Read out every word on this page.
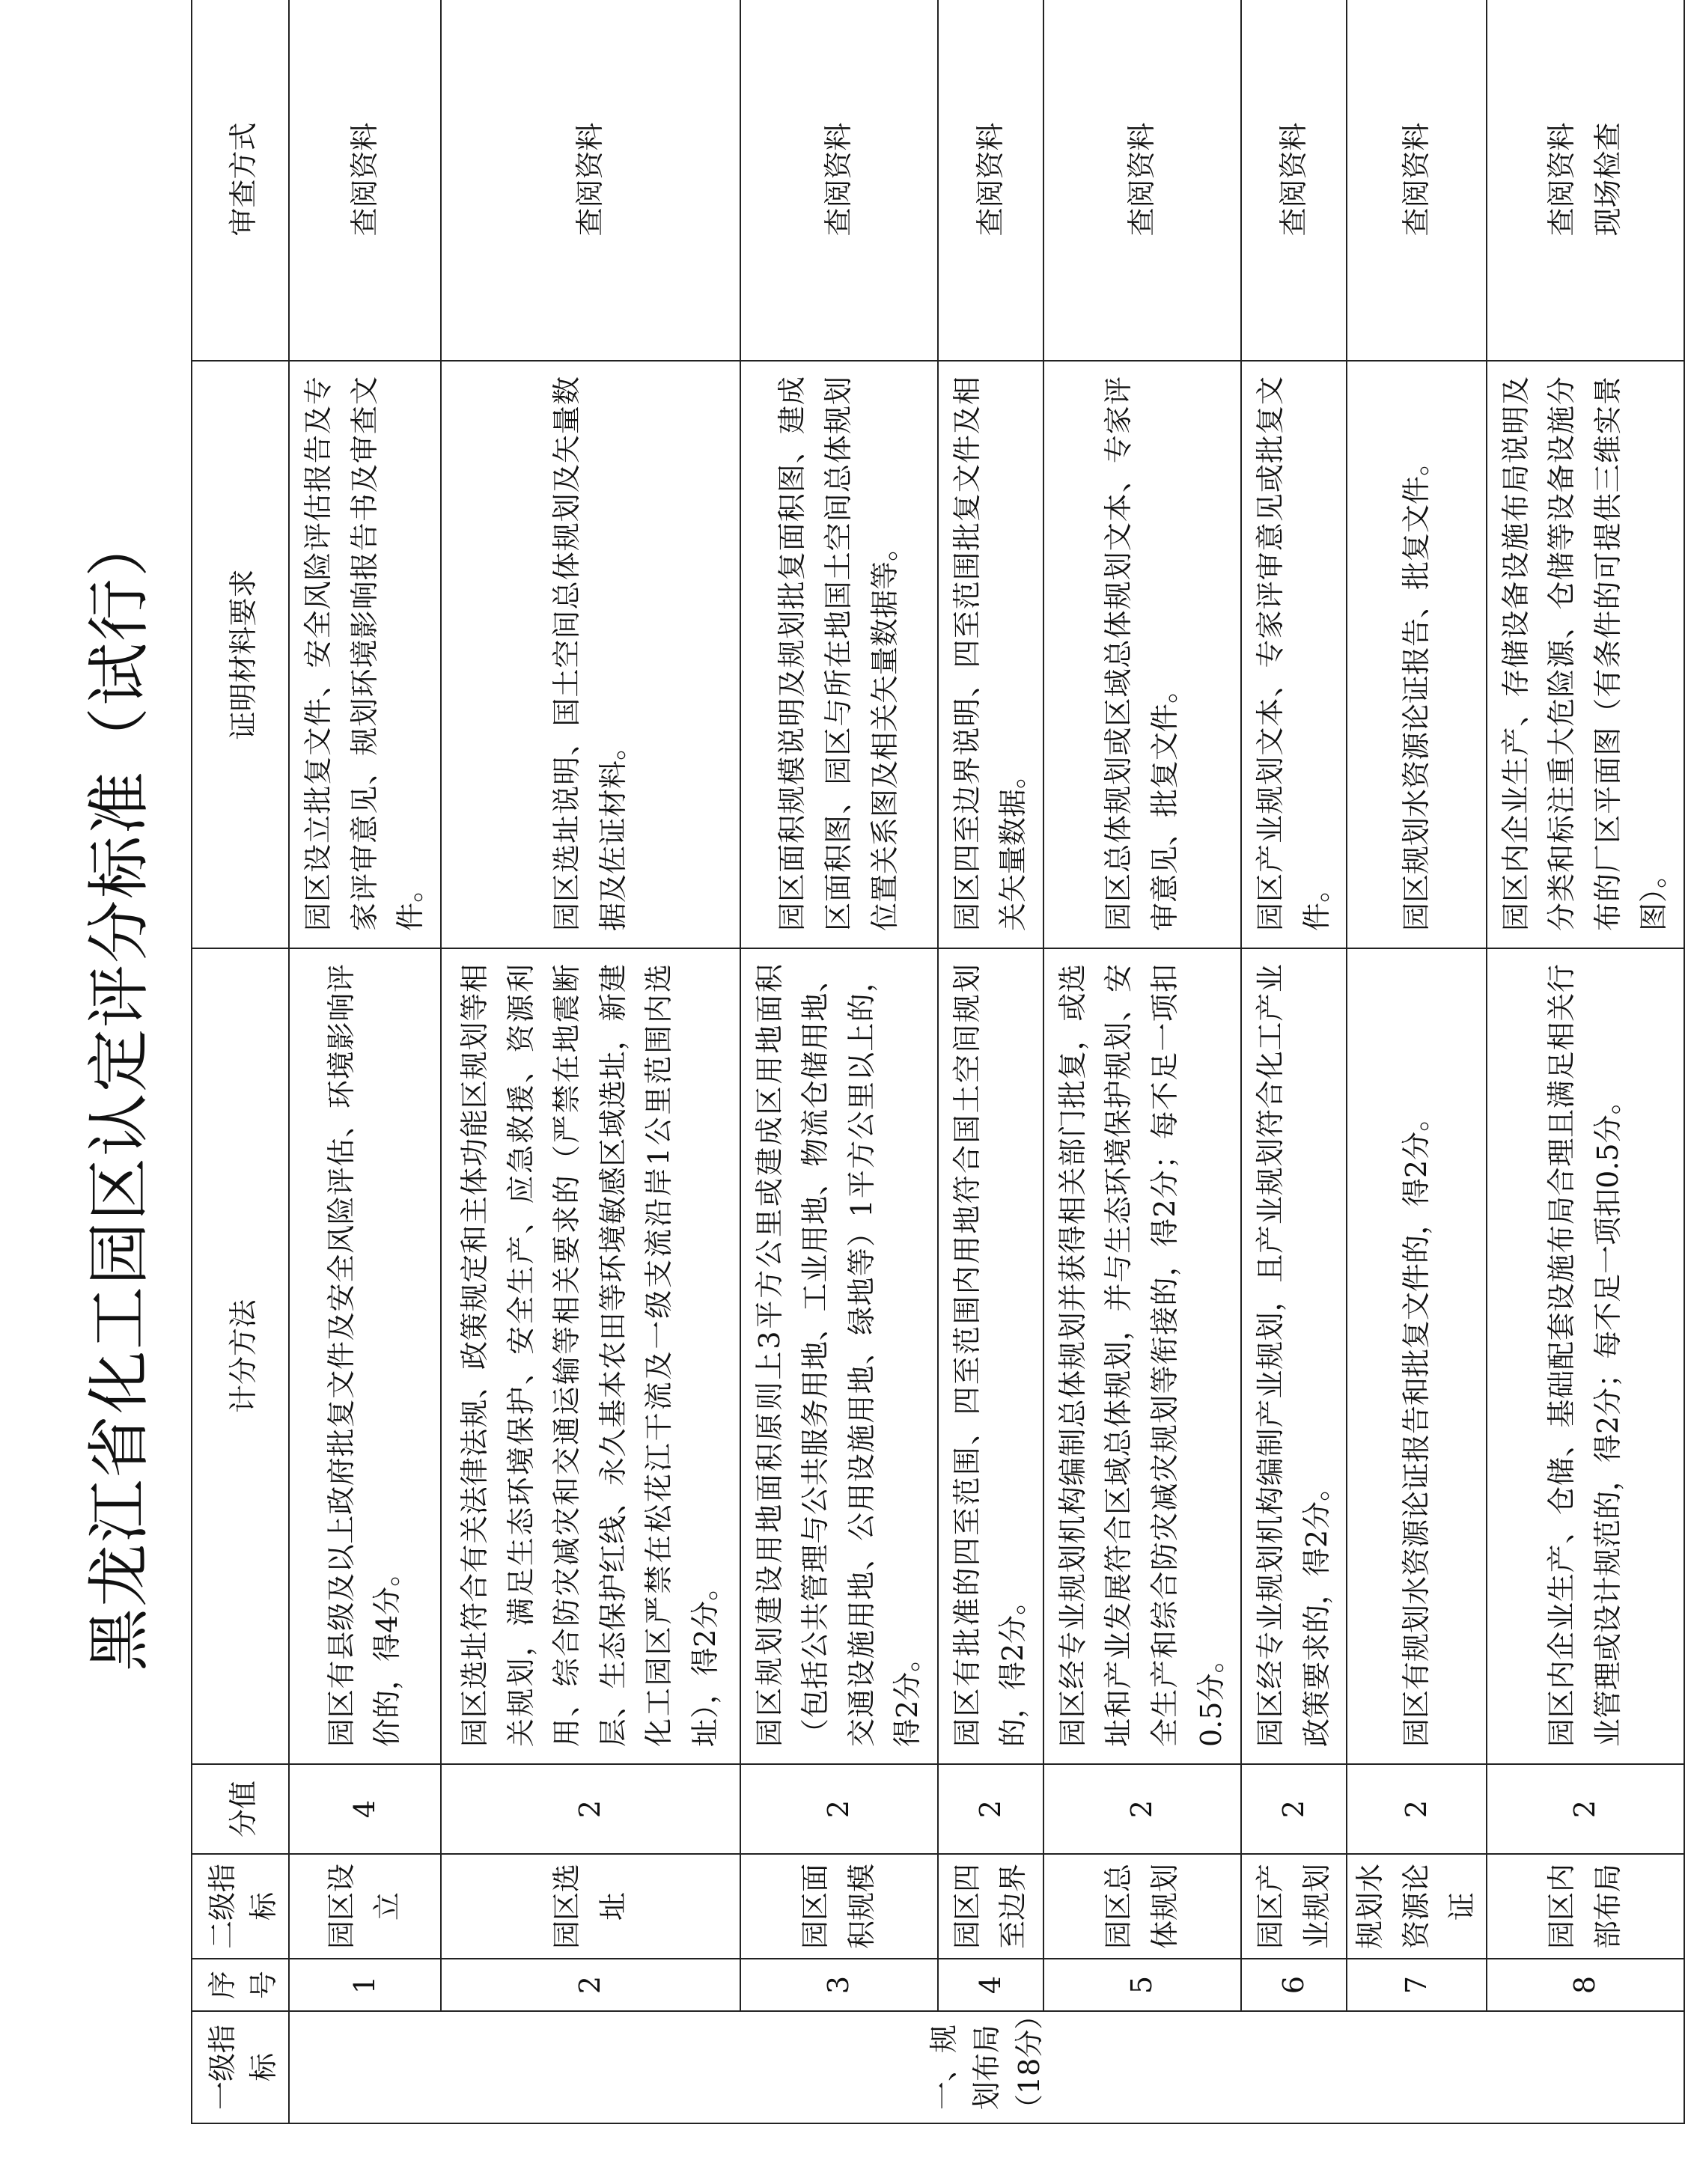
黑龙江省化工园区认定评分标准（试行）
一级指标	序号	二级指标	分值	计分方法	证明材料要求	审查方式
一、规划布局（18分）	1	园区设立	4	园区有县级及以上政府批复文件及安全风险评估、环境影响评价的，得4分。	园区设立批复文件、安全风险评估报告及专家评审意见、规划环境影响报告书及审查文件。	查阅资料
	2	园区选址	2	园区选址符合有关法律法规、政策规定和主体功能区规划等相关规划，满足生态环境保护、安全生产、应急救援、资源利用、综合防灾减灾和交通运输等相关要求的（严禁在地震断层、生态保护红线、永久基本农田等环境敏感区域选址，新建化工园区严禁在松花江干流及一级支流沿岸1公里范围内选址），得2分。	园区选址说明、国土空间总体规划及矢量数据及佐证材料。	查阅资料
	3	园区面积规模	2	园区规划建设用地面积原则上3平方公里或建成区用地面积（包括公共管理与公共服务用地、工业用地、物流仓储用地、交通设施用地、公用设施用地、绿地等）1平方公里以上的，得2分。	园区面积规模说明及规划批复面积图、建成区面积图、园区与所在地国土空间总体规划位置关系图及相关矢量数据等。	查阅资料
	4	园区四至边界	2	园区有批准的四至范围、四至范围内用地符合国土空间规划的，得2分。	园区四至边界说明、四至范围批复文件及相关矢量数据。	查阅资料
	5	园区总体规划	2	园区经专业规划机构编制总体规划并获得相关部门批复，或选址和产业发展符合区域总体规划，并与生态环境保护规划、安全生产和综合防灾减灾规划等衔接的，得2分；每不足一项扣0.5分。	园区总体规划或区域总体规划文本、专家评审意见、批复文件。	查阅资料
	6	园区产业规划	2	园区经专业规划机构编制产业规划，且产业规划符合化工产业政策要求的，得2分。	园区产业规划文本、专家评审意见或批复文件。	查阅资料
	7	规划水资源论证	2	园区有规划水资源论证报告和批复文件的，得2分。	园区规划水资源论证报告、批复文件。	查阅资料
	8	园区内部布局	2	园区内企业生产、仓储、基础配套设施布局合理且满足相关行业管理或设计规范的，得2分；每不足一项扣0.5分。	园区内企业生产、存储设备设施布局说明及分类和标注重大危险源、仓储等设备设施分布的厂区平面图（有条件的可提供三维实景图）。	查阅资料
现场检查
